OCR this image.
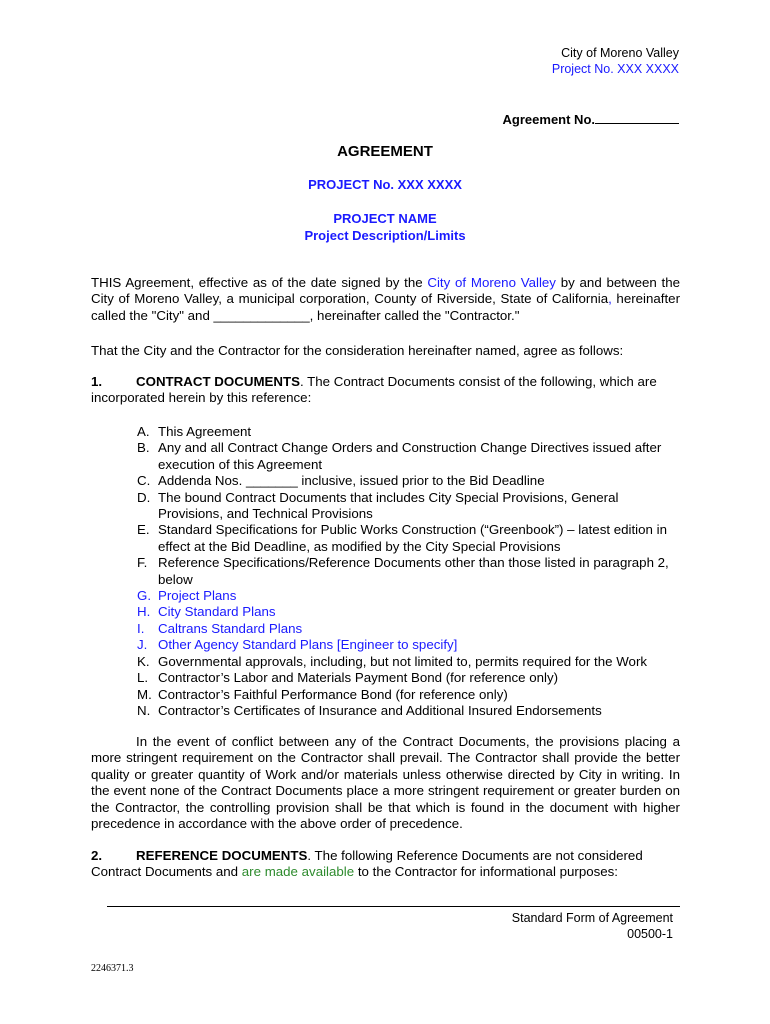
City of Moreno Valley
Project No. XXX XXXX
Agreement No.
AGREEMENT
PROJECT No. XXX XXXX
PROJECT NAME
Project Description/Limits
THIS Agreement, effective as of the date signed by the City of Moreno Valley by and between the City of Moreno Valley, a municipal corporation, County of Riverside, State of California, hereinafter called the "City" and _____________, hereinafter called the "Contractor."
That the City and the Contractor for the consideration hereinafter named, agree as follows:
1.	CONTRACT DOCUMENTS. The Contract Documents consist of the following, which are incorporated herein by this reference:
A. This Agreement
B. Any and all Contract Change Orders and Construction Change Directives issued after execution of this Agreement
C. Addenda Nos. _______ inclusive, issued prior to the Bid Deadline
D. The bound Contract Documents that includes City Special Provisions, General Provisions, and Technical Provisions
E. Standard Specifications for Public Works Construction (“Greenbook”) – latest edition in effect at the Bid Deadline, as modified by the City Special Provisions
F. Reference Specifications/Reference Documents other than those listed in paragraph 2, below
G. Project Plans
H. City Standard Plans
I. Caltrans Standard Plans
J. Other Agency Standard Plans [Engineer to specify]
K. Governmental approvals, including, but not limited to, permits required for the Work
L. Contractor’s Labor and Materials Payment Bond (for reference only)
M. Contractor’s Faithful Performance Bond (for reference only)
N. Contractor’s Certificates of Insurance and Additional Insured Endorsements
In the event of conflict between any of the Contract Documents, the provisions placing a more stringent requirement on the Contractor shall prevail. The Contractor shall provide the better quality or greater quantity of Work and/or materials unless otherwise directed by City in writing. In the event none of the Contract Documents place a more stringent requirement or greater burden on the Contractor, the controlling provision shall be that which is found in the document with higher precedence in accordance with the above order of precedence.
2.	REFERENCE DOCUMENTS. The following Reference Documents are not considered Contract Documents and are made available to the Contractor for informational purposes:
Standard Form of Agreement
00500-1
2246371.3
